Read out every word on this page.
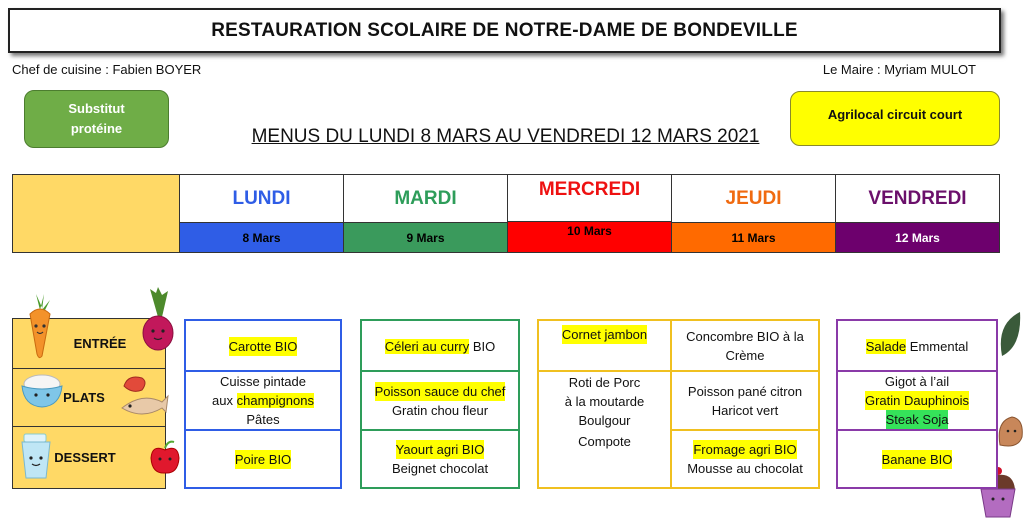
RESTAURATION SCOLAIRE DE NOTRE-DAME DE BONDEVILLE
Chef de cuisine : Fabien BOYER	Le Maire : Myriam MULOT
Substitut protéine
Agrilocal circuit court
MENUS DU LUNDI 8 MARS AU VENDREDI 12 MARS 2021
LUNDI
8 Mars
MARDI
9 Mars
MERCREDI
10 Mars
JEUDI
11 Mars
VENDREDI
12 Mars
ENTRÉE
PLATS
DESSERT
Carotte BIO
Cuisse pintade
aux champignons
Pâtes
Poire BIO
Céleri au curry BIO
Poisson sauce du chef
Gratin chou fleur
Yaourt agri BIO
Beignet chocolat
Cornet jambon
Roti de Porc
à la moutarde
Boulgour
Compote
Concombre BIO à la
Crème
Poisson pané citron
Haricot vert
Fromage agri BIO
Mousse au chocolat
Salade Emmental
Gigot à l’ail
Gratin Dauphinois
Steak Soja
Banane BIO
